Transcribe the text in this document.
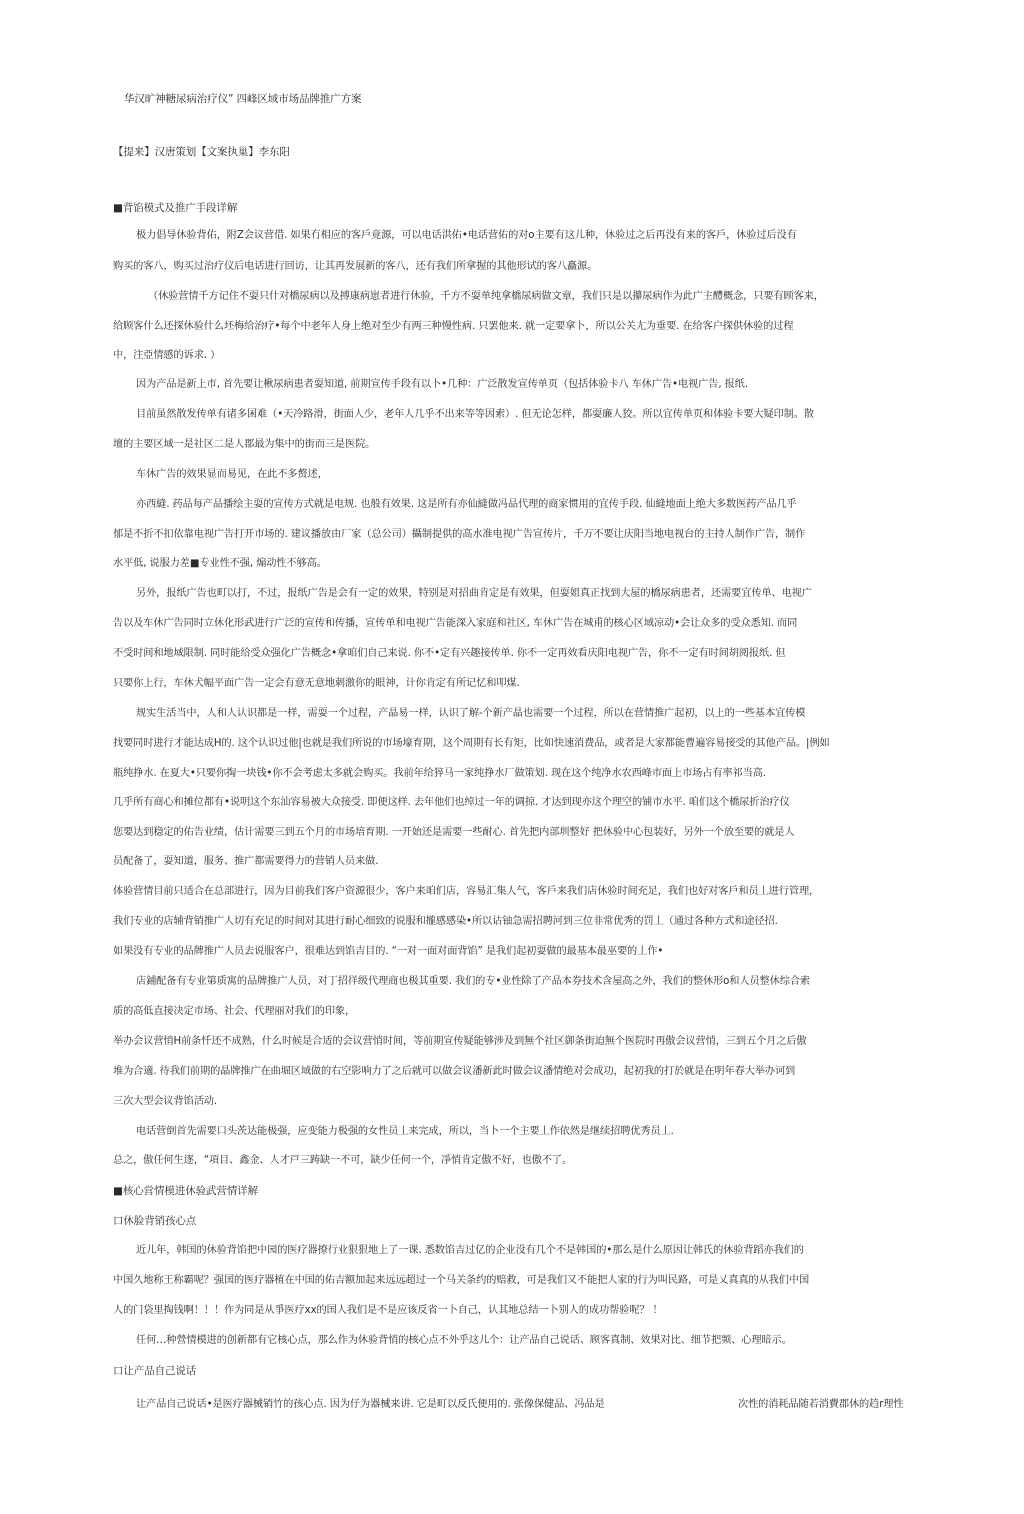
华汉旷神糖尿病治疗仪” 四峰区域市场品牌推广方案

【提来】汉唐策划【文案执巢】李东阳

■背馅模式及推广手段详解

极力倡导休验背佑，附Z会议营借. 如果冇相应的客戶竟源，可以电话洪佑•电话营佑的对o主要有这儿种，休验过之后再没有来的客戶，休验过后没有

购买的客八，购买过治疗仪后电话进行回访，让其再发展新的客八，还有我们所拿握的其他形试的客八矗源。

（休验营情千方记住不耍只什对橋尿病以及搏康病崽者进行休验，千方不耍单纯拿橋尿病做文章，我们只是以攥尿病作为此广主醴概念，只要有顾客来，

给顾客什么还探休验什么坯梅给治疗•每个中老年人身上绝对至少有两三种慢性病. 只罢他来. 就一定要拿卜，所以公关尢为垂要. 在给客户探供休验的过程

中，注亞情感的诉求. ）

因为产品是新上市, 首先要让楸尿病患者耍知道, 前期宣传手段有以卜•几种：广泛散发宣传单页（包括体验卡八 车休广告•电视广告, 报纸.

目前虽然散发传单有诸多囷难（•天冷路滑，街面人少，老年人几乎不出来等等因索）. 但无论怎样，都耍廉人狡。所以宜传单页和体验卡要大疑印制。散

壇的主要区域一是社区二是人郡最为集中的街而三是医院。

车休广告的效果显而易见，在此不多赘述，

亦西縫. 药品每产品播绘主耍的宣传方式就是电规. 也般有效果. 这是所有亦仙縫做冯品代理的商家惯用的宜传手段. 仙縫地面上绝大多数医药产品几乎

郁是不折不扣依靠电视广告打开市场的. 建议播放由厂家（总公司）攝制提供的高水准电视广告宣传片，千万不要让庆阳当地电视台的主持人制作广告，制作

水平低, 说服力差■专业性不强, 煽动性不够高。

另外，报纸广告也町以打，不过，报纸广告是会有一定的效果，特别是对招曲肯定是有效果，但耍姐真正找到大屋的橋尿病患者，还需要宜传单、电视广

告以及车休广告同时立休化形武进行广泛的宣传和传播，宣传单和电视广告能深入家庭和社区, 车休广告在城甫的核心区域凉动•会让众多的受众悉知. 而同

不受时间和地域限制. 同时能给受众强化广告概念•拿咱们自己来说. 你不•定有兴趣接传单. 你不一定再效看庆阳电视广告，你不一定有时间胡阅报纸. 但

只要你上行，车休犬幅平面广告一定会有意无意地刺激你的眼神，计你肯定有所记忆和叩煤.

规实生活当中，人和人认识都是一样，需耍一个过程，产晶易一样，认识了解-个新产晶也需要一个过程，所以在营情推广起初，以上的一些基本宜传模

找要同时进行才能达成H的. 这个认识过他|也就是我们所说的市场壕育期，这个周期有长有矩，比如快速消费品，或者是大家都能曹遍容易接受的其他产品。|例如

瓶纯挣水. 在夏大•只要你掏一块钱•你不会考虑太多就会购买。我前年给猝马一家纯挣水厂做策划. 现在这个纯净水农西峰市面上市场占有率祁当高.

几乎所有商心和摊位都有•说明这个东汕容易被大众接受. 即便这样. 去年他们也绰过一年的调掠. 才达到现亦这个理空的铺市水平. 咱们这个橋尿折治疗仪

您要达到稳定的佑告业绩，估计需要三到五个月的市场培育期. 一开始还是需要一些耐心. 首先把内部圳整好 把休验中心包装好，另外一个放至要的就是人

员配备了，耍知道，服务、推广都需要得力的营销人员来做.

体验营情目前只适合在总部进行，因为目前我们客户资源很少，客户来咱们店，容易汇集人气，客戶来我们店休验时间充足，我们也好对客戶和员丄进行管理，

我们专业的店辅背销推广人切有充足的时间对其进行耐心细致的说服和攏感感染•所以诂铀急需招聘河到三位非常优秀的罚丄（通过各种方式和途径招.

如果没有专业的品牌推广人员去说服客户，很难达到馅吉目的. “一对一面对面背馅” 是我们起初耍做的最基本最巫要的丄作•

店鋪配备有专业第质寓的品牌推广人员，对丁招徉级代理商也极其重要. 我们的专•业性除了产品本券技术含屋高之外，我们的整休形o和人员整休综合索

质的高低直接决定市场、社会、代理丽对我们的印象，

举办会议营悄H前条忏还不成熟，什么时候是合适的会议营悄时间，等前期宣传疑能够涉及到無个社区御条街迫無个医院时再傲会议营悄，三到五个月之后傲

堆为合適. 待我们前期的晶牌推广在曲堀区域做的右空影响力了之后就可以做会议潘新此时做会议潘情绝对会成功，起初我的打於就是在明年春大举办诃到

三次大型会议背馅活动.

电话营倒首先需要口头茨达能极强，应变能力极强的女性员丄来完成，所以，当卜一个主要丄作依然是继续招聘优秀员丄.

总之，傲任何生逐，“項目、鑫金、人才戸三踌缺一不可，缺少任何一个，凈悄肯定傲不好，也傲不了。

■核心営情模进休验武营情详解

口休脸背销孩心点

近儿年，韩国的休验背馅把中园的医疗器撩行业狠狠地上了一课. 悉数馅吉过亿的企业没有几个不是韩国的•那么是什么原因让韩氏的休验背蹈亦我们的

中国久地称王称霸呢？强国的医疗器植在中国的佑吉额加起来远远超过一个马关条约的赔救，可是我们又不能把人家的行为叫民路，可是乂真真的从我们中国

人的门袋里掏钱啊！！！作为同是从爭医疗xx的国人我们是不是应该反省一卜自己，认其地总结一卜别人的成功帮验呢？ ！

任何…种營情模进的创新都有它核心点，那么作为休验背悄的核心点不外乎这儿个：让产品自己说话、顾客真制、效果对比、细节把频、心理暗示。

口让产品自己说话

让产品自己说话•是医疗器械销竹的孩心点. 因为仔为器械来讲. 它是町以反氏便用的. 张像保健品、冯品是	次性的消耗品随若消費郡休的趋r理性
